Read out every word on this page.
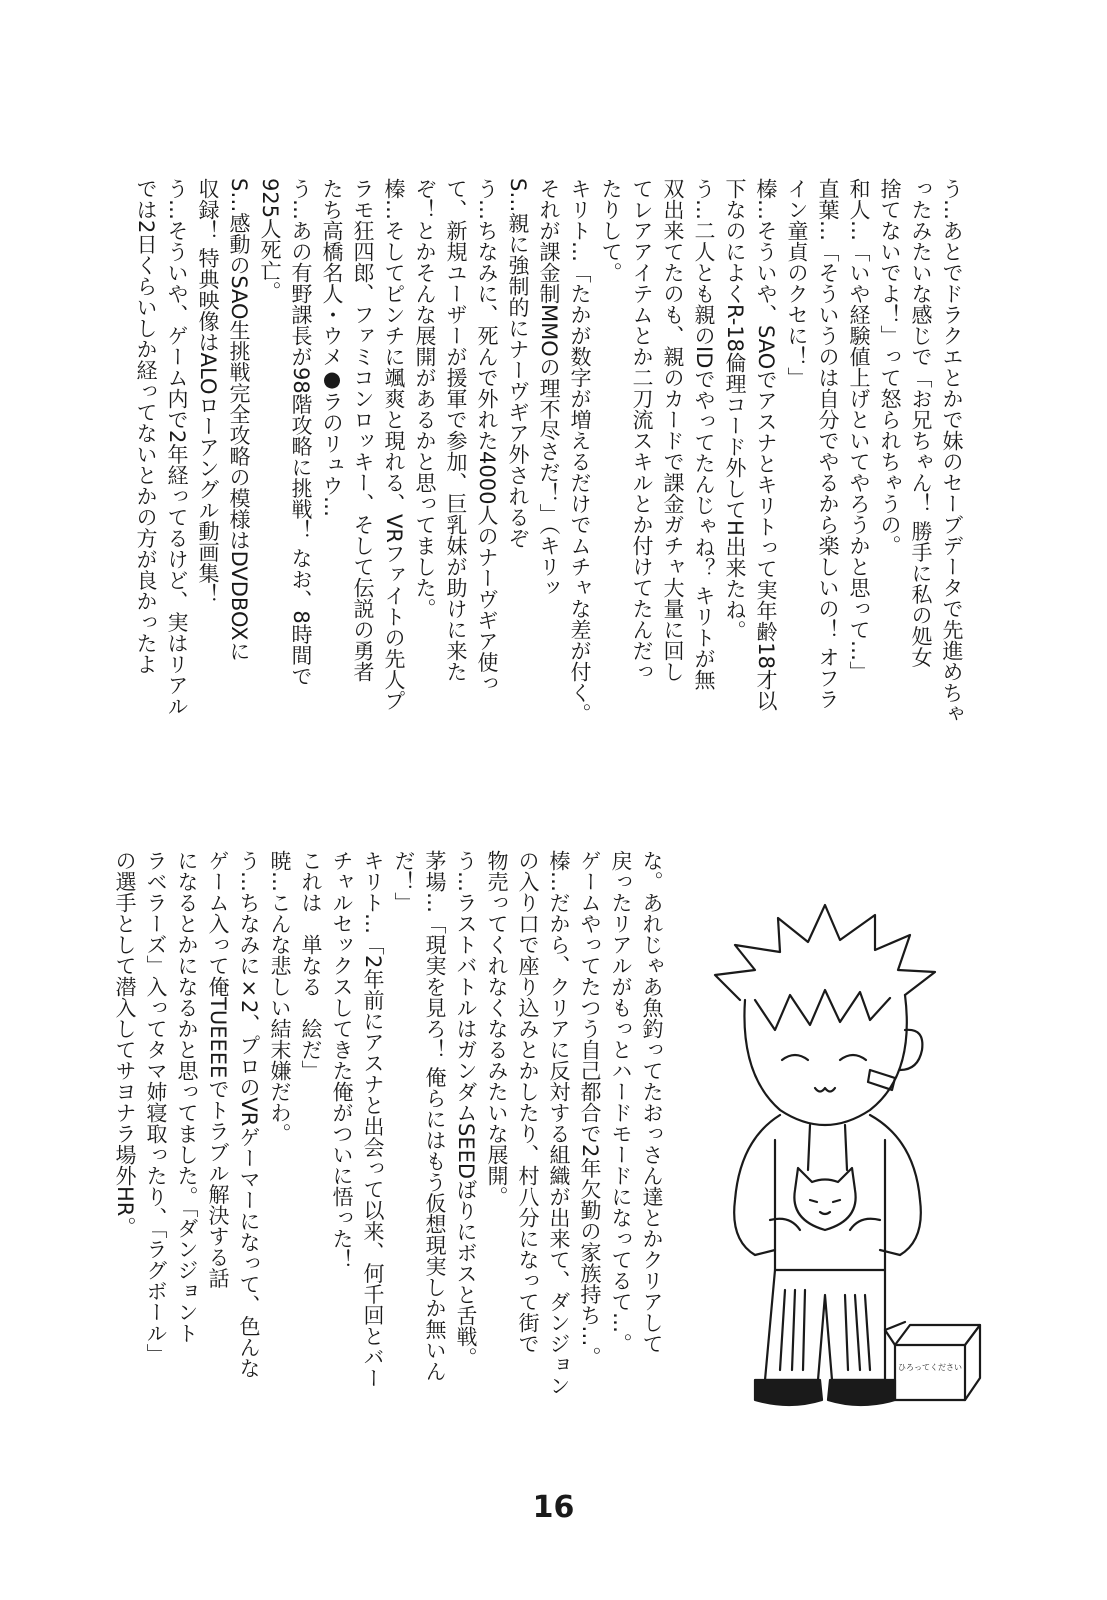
う…あとでドラクエとかで妹のセーブデータで先進めちゃ
ったみたいな感じで「お兄ちゃん！ 勝手に私の処女
捨てないでよ！」って怒られちゃうの。
和人…「いや経験値上げといてやろうかと思って…」
直葉…「そういうのは自分でやるから楽しいの！ オフラ
イン童貞のクセに！」
榛…そういや、SAOでアスナとキリトって実年齢18才以
下なのによくR-18倫理コード外してH出来たね。
う…二人とも親のIDでやってたんじゃね？ キリトが無
双出来てたのも、親のカードで課金ガチャ大量に回し
てレアアイテムとか二刀流スキルとか付けてたんだっ
たりして。
キリト…「たかが数字が増えるだけでムチャな差が付く。
それが課金制MMOの理不尽さだ！」（キリッ
S…親に強制的にナーヴギア外されるぞ
う…ちなみに、死んで外れた4000人のナーヴギア使っ
て、新規ユーザーが援軍で参加、巨乳妹が助けに来た
ぞ！とかそんな展開があるかと思ってました。
榛…そしてピンチに颯爽と現れる、VRファイトの先人プ
ラモ狂四郎、ファミコンロッキー、そして伝説の勇者
たち高橋名人・ウメ●ラのリュウ…
う…あの有野課長が98階攻略に挑戦！ なお、8時間で
925人死亡。
S…感動のSAO生挑戦完全攻略の模様はDVDBOXに
収録！ 特典映像はALOローアングル動画集！
う…そういや、ゲーム内で2年経ってるけど、実はリアル
では2日くらいしか経ってないとかの方が良かったよ
な。あれじゃあ魚釣ってたおっさん達とかクリアして
戻ったリアルがもっとハードモードになってるて…。
ゲームやってたつう自己都合で2年欠勤の家族持ち…。
榛…だから、クリアに反対する組織が出来て、ダンジョン
の入り口で座り込みとかしたり、村八分になって街で
物売ってくれなくなるみたいな展開。
う…ラストバトルはガンダムSEEDばりにボスと舌戦。
茅場…「現実を見ろ！ 俺らにはもう仮想現実しか無いん
だ！」
キリト…「2年前にアスナと出会って以来、何千回とバー
チャルセックスしてきた俺がついに悟った！
これは　単なる　絵だ」
暁…こんな悲しい結末嫌だわ。
う…ちなみに×2、プロのVRゲーマーになって、色んな
ゲーム入って俺TUEEEEでトラブル解決する話
になるとかになるかと思ってました。「ダンジョント
ラベラーズ」入ってタマ姉寝取ったり、「ラグボール」
の選手として潜入してサヨナラ場外HR。
ひろってください
16
